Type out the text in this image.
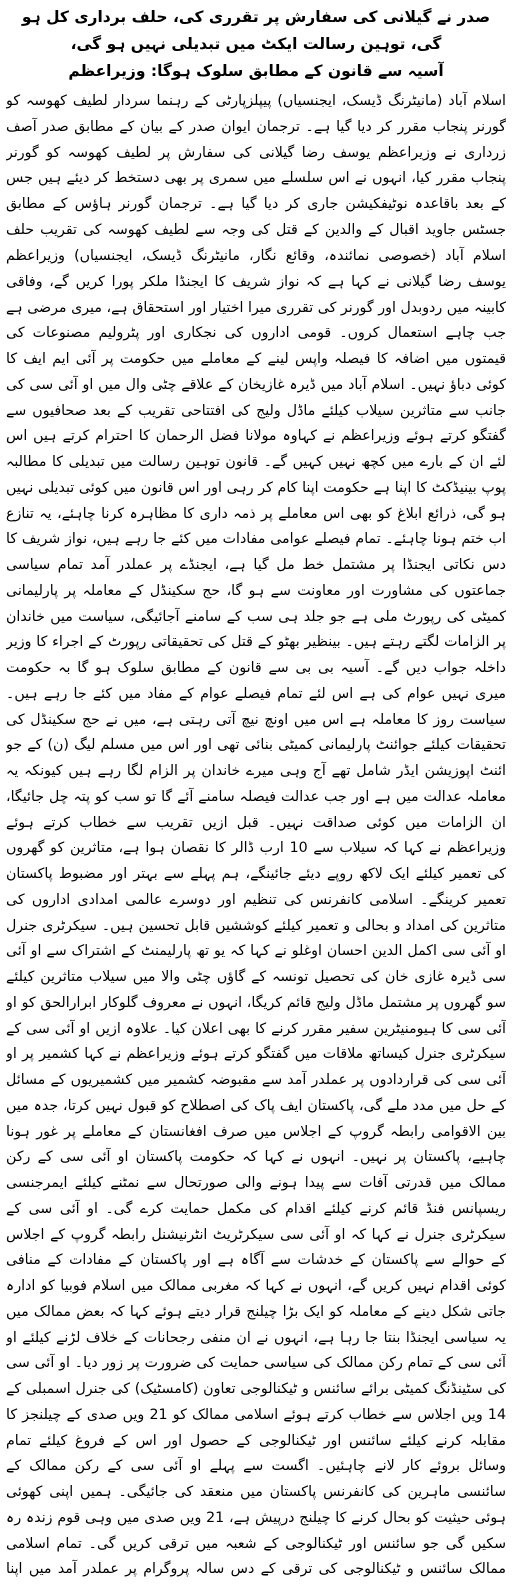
صدر نے گیلانی کی سفارش پر تقرری کی، حلف برداری کل ہو گی، توہین رسالت ایکٹ میں تبدیلی نہیں ہو گی،
آسیہ سے قانون کے مطابق سلوک ہوگا: وزیراعظم

اسلام آباد (مانیٹرنگ ڈیسک، ایجنسیاں) پیپلزپارٹی کے رہنما سردار لطیف کھوسہ کو گورنر پنجاب مقرر کر دیا گیا ہے۔ ترجمان ایوان صدر کے بیان کے مطابق صدر آصف زرداری نے وزیراعظم یوسف رضا گیلانی کی سفارش پر لطیف کھوسہ کو گورنر پنجاب مقرر کیا، انہوں نے اس سلسلے میں سمری پر بھی دستخط کر دیئے ہیں جس کے بعد باقاعدہ نوٹیفکیشن جاری کر دیا گیا ہے۔ ترجمان گورنر ہاؤس کے مطابق جسٹس جاوید اقبال کے والدین کے قتل کی وجہ سے لطیف کھوسہ کی تقریب حلف

اسلام آباد (خصوصی نمائندہ، وقائع نگار، مانیٹرنگ ڈیسک، ایجنسیاں) وزیراعظم یوسف رضا گیلانی نے کہا ہے کہ نواز شریف کا ایجنڈا ملکر پورا کریں گے، وفاقی کابینہ میں ردوبدل اور گورنر کی تقرری میرا اختیار اور استحقاق ہے، میری مرضی ہے جب چاہے استعمال کروں۔ قومی اداروں کی نجکاری اور پٹرولیم مصنوعات کی قیمتوں میں اضافہ کا فیصلہ واپس لینے کے معاملے میں حکومت پر آئی ایم ایف کا کوئی دباؤ نہیں۔ اسلام آباد میں ڈیرہ غازیخان کے علاقے چٹی وال میں او آئی سی کی جانب سے متاثرین سیلاب کیلئے ماڈل ولیج کی افتتاحی تقریب کے بعد صحافیوں سے گفتگو کرتے ہوئے وزیراعظم نے کہاوہ مولانا فضل الرحمان کا احترام کرتے ہیں اس لئے ان کے بارے میں کچھ نہیں کہیں گے۔ قانون توہین رسالت میں تبدیلی کا مطالبہ پوپ بینیڈکٹ کا اپنا ہے حکومت اپنا کام کر رہی اور اس قانون میں کوئی تبدیلی نہیں ہو گی، ذرائع ابلاغ کو بھی اس معاملے پر ذمہ داری کا مظاہرہ کرنا چاہئے، یہ تنازع اب ختم ہونا چاہئے۔ تمام فیصلے عوامی مفادات میں کئے جا رہے ہیں، نواز شریف کا دس نکاتی ایجنڈا پر مشتمل خط مل گیا ہے، ایجنڈے پر عملدر آمد تمام سیاسی جماعتوں کی مشاورت اور معاونت سے ہو گا، حج سکینڈل کے معاملہ پر پارلیمانی کمیٹی کی رپورٹ ملی ہے جو جلد ہی سب کے سامنے آجائیگی، سیاست میں خاندان پر الزامات لگتے رہتے ہیں۔ بینظیر بھٹو کے قتل کی تحقیقاتی رپورٹ کے اجراء کا وزیر داخلہ جواب دیں گے۔ آسیہ بی بی سے قانون کے مطابق سلوک ہو گا بہ حکومت میری نہیں عوام کی ہے اس لئے تمام فیصلے عوام کے مفاد میں کئے جا رہے ہیں۔ سیاست روز کا معاملہ ہے اس میں اونچ نیچ آتی رہتی ہے، میں نے حج سکینڈل کی تحقیقات کیلئے جوائنٹ پارلیمانی کمیٹی بنائی تھی اور اس میں مسلم لیگ (ن) کے جو ائنٹ اپوزیشن ایڈر شامل تھے آج وہی میرے خاندان پر الزام لگا رہے ہیں کیونکہ یہ معاملہ عدالت میں ہے اور جب عدالت فیصلہ سامنے آئے گا تو سب کو پتہ چل جائیگا، ان الزامات میں کوئی صداقت نہیں۔ قبل ازیں تقریب سے خطاب کرتے ہوئے وزیراعظم نے کہا کہ سیلاب سے 10 ارب ڈالر کا نقصان ہوا ہے، متاثرین کو گھروں کی تعمیر کیلئے ایک لاکھ روپے دیئے جائینگے، ہم پہلے سے بہتر اور مضبوط پاکستان تعمیر کرینگے۔ اسلامی کانفرنس کی تنظیم اور دوسرے عالمی امدادی اداروں کی متاثرین کی امداد و بحالی و تعمیر کیلئے کوششیں قابل تحسین ہیں۔ سیکرٹری جنرل او آئی سی اکمل الدین احسان اوغلو نے کہا کہ یو تھ پارلیمنٹ کے اشتراک سے او آئی سی ڈیرہ غازی خان کی تحصیل تونسہ کے گاؤں چٹی والا میں سیلاب متاثرین کیلئے سو گھروں پر مشتمل ماڈل ولیج قائم کریگا، انہوں نے معروف گلوکار ابرارالحق کو او آئی سی کا ہیومنیٹرین سفیر مقرر کرنے کا بھی اعلان کیا۔ علاوہ ازیں او آئی سی کے سیکرٹری جنرل کیساتھ ملاقات میں گفتگو کرتے ہوئے وزیراعظم نے کہا کشمیر پر او آئی سی کی قراردادوں پر عملدر آمد سے مقبوضہ کشمیر میں کشمیریوں کے مسائل کے حل میں مدد ملے گی، پاکستان ایف پاک کی اصطلاح کو قبول نہیں کرتا، جدہ میں بین الاقوامی رابطہ گروپ کے اجلاس میں صرف افغانستان کے معاملے پر غور ہونا چاہیے، پاکستان پر نہیں۔ انہوں نے کہا کہ حکومت پاکستان او آئی سی کے رکن ممالک میں قدرتی آفات سے پیدا ہونے والی صورتحال سے نمٹنے کیلئے ایمرجنسی ریسپانس فنڈ قائم کرنے کیلئے اقدام کی مکمل حمایت کرے گی۔ او آئی سی کے سیکرٹری جنرل نے کہا کہ او آئی سی سیکرٹریٹ انٹرنیشنل رابطہ گروپ کے اجلاس کے حوالے سے پاکستان کے خدشات سے آگاہ ہے اور پاکستان کے مفادات کے منافی کوئی اقدام نہیں کریں گے، انہوں نے کہا کہ مغربی ممالک میں اسلام فوبیا کو ادارہ جاتی شکل دینے کے معاملہ کو ایک بڑا چیلنج قرار دیتے ہوئے کہا کہ بعض ممالک میں یہ سیاسی ایجنڈا بنتا جا رہا ہے، انہوں نے ان منفی رجحانات کے خلاف لڑنے کیلئے او آئی سی کے تمام رکن ممالک کی سیاسی حمایت کی ضرورت پر زور دیا۔ او آئی سی کی سٹینڈنگ کمیٹی برائے سائنس و ٹیکنالوجی تعاون (کامسٹیک) کی جنرل اسمبلی کے 14 ویں اجلاس سے خطاب کرتے ہوئے اسلامی ممالک کو 21 ویں صدی کے چیلنجز کا مقابلہ کرنے کیلئے سائنس اور ٹیکنالوجی کے حصول اور اس کے فروغ کیلئے تمام وسائل بروئے کار لانے چاہئیں۔ اگست سے پہلے او آئی سی کے رکن ممالک کے سائنسی ماہرین کی کانفرنس پاکستان میں منعقد کی جائیگی۔ ہمیں اپنی کھوئی ہوئی حیثیت کو بحال کرنے کا چیلنج درپیش ہے، 21 ویں صدی میں وہی قوم زندہ رہ سکیں گی جو سائنس اور ٹیکنالوجی کے شعبہ میں ترقی کریں گی۔ تمام اسلامی ممالک سائنس و ٹیکنالوجی کی ترقی کے دس سالہ پروگرام پر عملدر آمد میں اپنا
